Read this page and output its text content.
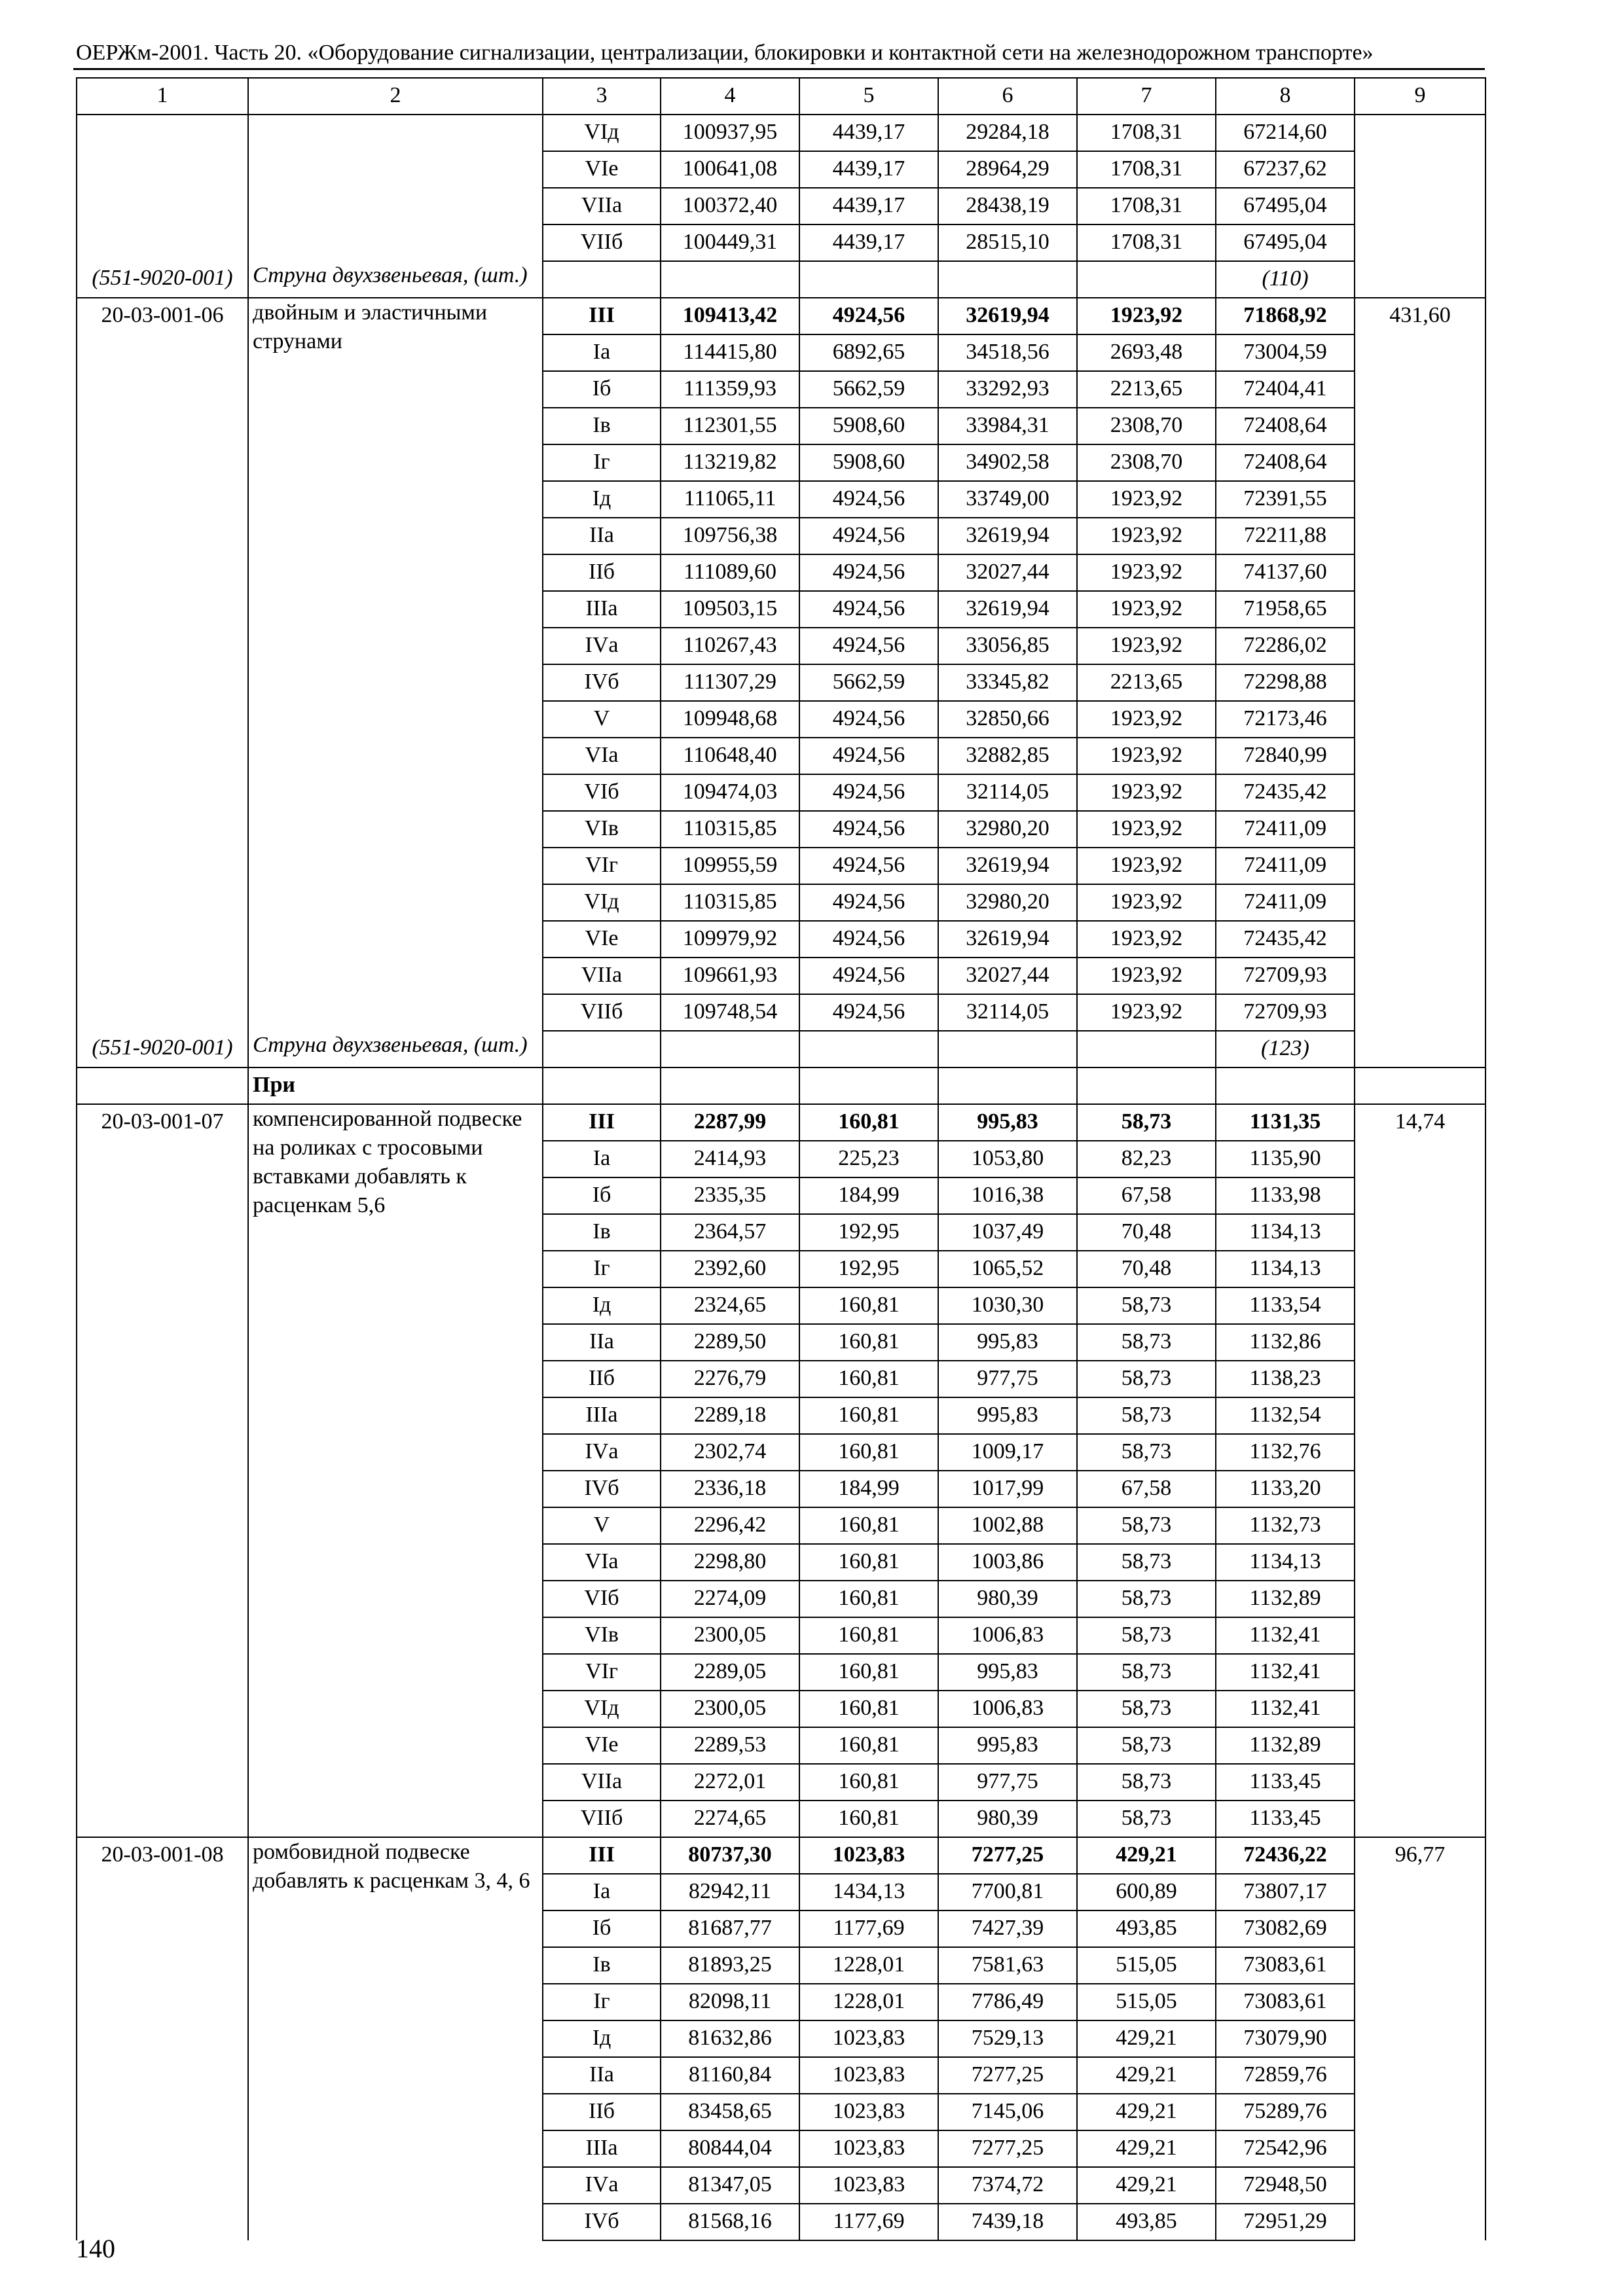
ОЕРЖм-2001. Часть 20. «Оборудование сигнализации, централизации, блокировки и контактной сети на железнодорожном транспорте»
1	2	3	4	5	6	7	8	9
		VIд	100937,95	4439,17	29284,18	1708,31	67214,60	
		VIе	100641,08	4439,17	28964,29	1708,31	67237,62	
		VIIа	100372,40	4439,17	28438,19	1708,31	67495,04	
		VIIб	100449,31	4439,17	28515,10	1708,31	67495,04	
(551-9020-001)	Струна двухзвеньевая, (шт.)						(110)	
20-03-001-06	двойным и эластичными струнами	III	109413,42	4924,56	32619,94	1923,92	71868,92	431,60
		Iа	114415,80	6892,65	34518,56	2693,48	73004,59	
		Iб	111359,93	5662,59	33292,93	2213,65	72404,41	
		Iв	112301,55	5908,60	33984,31	2308,70	72408,64	
		Iг	113219,82	5908,60	34902,58	2308,70	72408,64	
		Iд	111065,11	4924,56	33749,00	1923,92	72391,55	
		IIа	109756,38	4924,56	32619,94	1923,92	72211,88	
		IIб	111089,60	4924,56	32027,44	1923,92	74137,60	
		IIIа	109503,15	4924,56	32619,94	1923,92	71958,65	
		IVа	110267,43	4924,56	33056,85	1923,92	72286,02	
		IVб	111307,29	5662,59	33345,82	2213,65	72298,88	
		V	109948,68	4924,56	32850,66	1923,92	72173,46	
		VIа	110648,40	4924,56	32882,85	1923,92	72840,99	
		VIб	109474,03	4924,56	32114,05	1923,92	72435,42	
		VIв	110315,85	4924,56	32980,20	1923,92	72411,09	
		VIг	109955,59	4924,56	32619,94	1923,92	72411,09	
		VIд	110315,85	4924,56	32980,20	1923,92	72411,09	
		VIе	109979,92	4924,56	32619,94	1923,92	72435,42	
		VIIа	109661,93	4924,56	32027,44	1923,92	72709,93	
		VIIб	109748,54	4924,56	32114,05	1923,92	72709,93	
(551-9020-001)	Струна двухзвеньевая, (шт.)						(123)	
	При							
20-03-001-07	компенсированной подвеске на роликах с тросовыми вставками добавлять к расценкам 5,6	III	2287,99	160,81	995,83	58,73	1131,35	14,74
		Iа	2414,93	225,23	1053,80	82,23	1135,90	
		Iб	2335,35	184,99	1016,38	67,58	1133,98	
		Iв	2364,57	192,95	1037,49	70,48	1134,13	
		Iг	2392,60	192,95	1065,52	70,48	1134,13	
		Iд	2324,65	160,81	1030,30	58,73	1133,54	
		IIа	2289,50	160,81	995,83	58,73	1132,86	
		IIб	2276,79	160,81	977,75	58,73	1138,23	
		IIIа	2289,18	160,81	995,83	58,73	1132,54	
		IVа	2302,74	160,81	1009,17	58,73	1132,76	
		IVб	2336,18	184,99	1017,99	67,58	1133,20	
		V	2296,42	160,81	1002,88	58,73	1132,73	
		VIа	2298,80	160,81	1003,86	58,73	1134,13	
		VIб	2274,09	160,81	980,39	58,73	1132,89	
		VIв	2300,05	160,81	1006,83	58,73	1132,41	
		VIг	2289,05	160,81	995,83	58,73	1132,41	
		VIд	2300,05	160,81	1006,83	58,73	1132,41	
		VIе	2289,53	160,81	995,83	58,73	1132,89	
		VIIа	2272,01	160,81	977,75	58,73	1133,45	
		VIIб	2274,65	160,81	980,39	58,73	1133,45	
20-03-001-08	ромбовидной подвеске добавлять к расценкам 3, 4, 6	III	80737,30	1023,83	7277,25	429,21	72436,22	96,77
		Iа	82942,11	1434,13	7700,81	600,89	73807,17	
		Iб	81687,77	1177,69	7427,39	493,85	73082,69	
		Iв	81893,25	1228,01	7581,63	515,05	73083,61	
		Iг	82098,11	1228,01	7786,49	515,05	73083,61	
		Iд	81632,86	1023,83	7529,13	429,21	73079,90	
		IIа	81160,84	1023,83	7277,25	429,21	72859,76	
		IIб	83458,65	1023,83	7145,06	429,21	75289,76	
		IIIа	80844,04	1023,83	7277,25	429,21	72542,96	
		IVа	81347,05	1023,83	7374,72	429,21	72948,50	
		IVб	81568,16	1177,69	7439,18	493,85	72951,29	
140
